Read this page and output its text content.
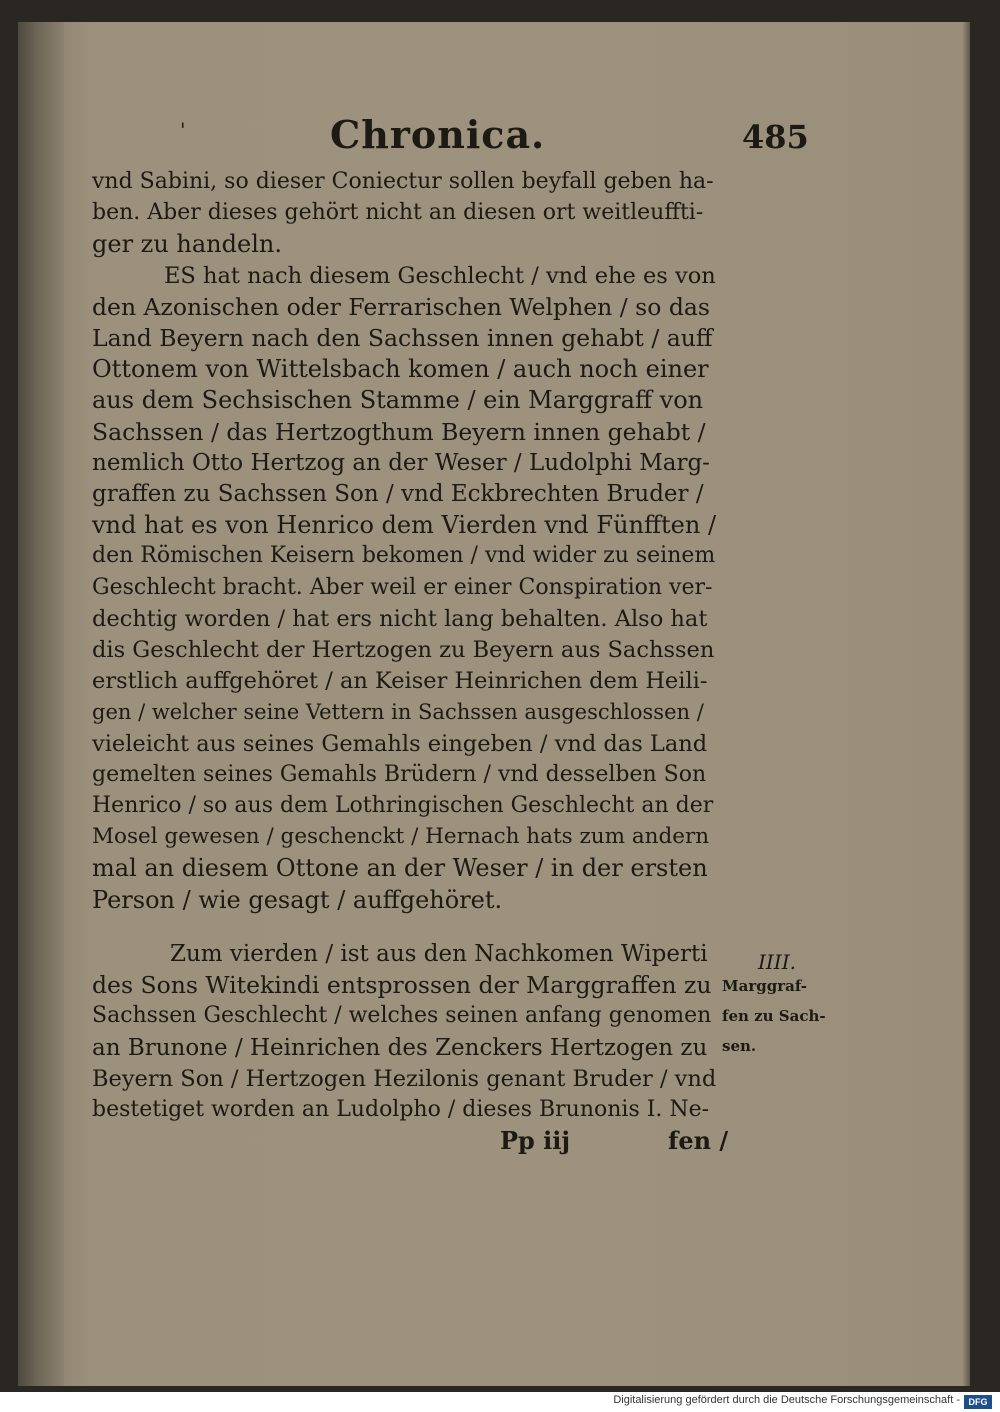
'	Chronica.	485
vnd Sabini, so dieser Coniectur sollen beyfall geben ha-
ben. Aber dieses gehört nicht an diesen ort weitleuffti-
ger zu handeln.
ES hat nach diesem Geschlecht / vnd ehe es von
den Azonischen oder Ferrarischen Welphen / so das
Land Beyern nach den Sachssen innen gehabt / auff
Ottonem von Wittelsbach komen / auch noch einer
aus dem Sechsischen Stamme / ein Marggraff von
Sachssen / das Hertzogthum Beyern innen gehabt /
nemlich Otto Hertzog an der Weser / Ludolphi Marg-
graffen zu Sachssen Son / vnd Eckbrechten Bruder /
vnd hat es von Henrico dem Vierden vnd Fünfften /
den Römischen Keisern bekomen / vnd wider zu seinem
Geschlecht bracht. Aber weil er einer Conspiration ver-
dechtig worden / hat ers nicht lang behalten. Also hat
dis Geschlecht der Hertzogen zu Beyern aus Sachssen
erstlich auffgehöret / an Keiser Heinrichen dem Heili-
gen / welcher seine Vettern in Sachssen ausgeschlossen /
vieleicht aus seines Gemahls eingeben / vnd das Land
gemelten seines Gemahls Brüdern / vnd desselben Son
Henrico / so aus dem Lothringischen Geschlecht an der
Mosel gewesen / geschenckt / Hernach hats zum andern
mal an diesem Ottone an der Weser / in der ersten
Person / wie gesagt / auffgehöret.
Zum vierden / ist aus den Nachkomen Wiperti
des Sons Witekindi entsprossen der Marggraffen zu
Sachssen Geschlecht / welches seinen anfang genomen
an Brunone / Heinrichen des Zenckers Hertzogen zu
Beyern Son / Hertzogen Hezilonis genant Bruder / vnd
bestetiget worden an Ludolpho / dieses Brunonis I. Ne-
IIII.
Marggraf-
fen zu Sach-
sen.
Pp iij	fen /
Digitalisierung gefördert durch die Deutsche Forschungsgemeinschaft - DFG
